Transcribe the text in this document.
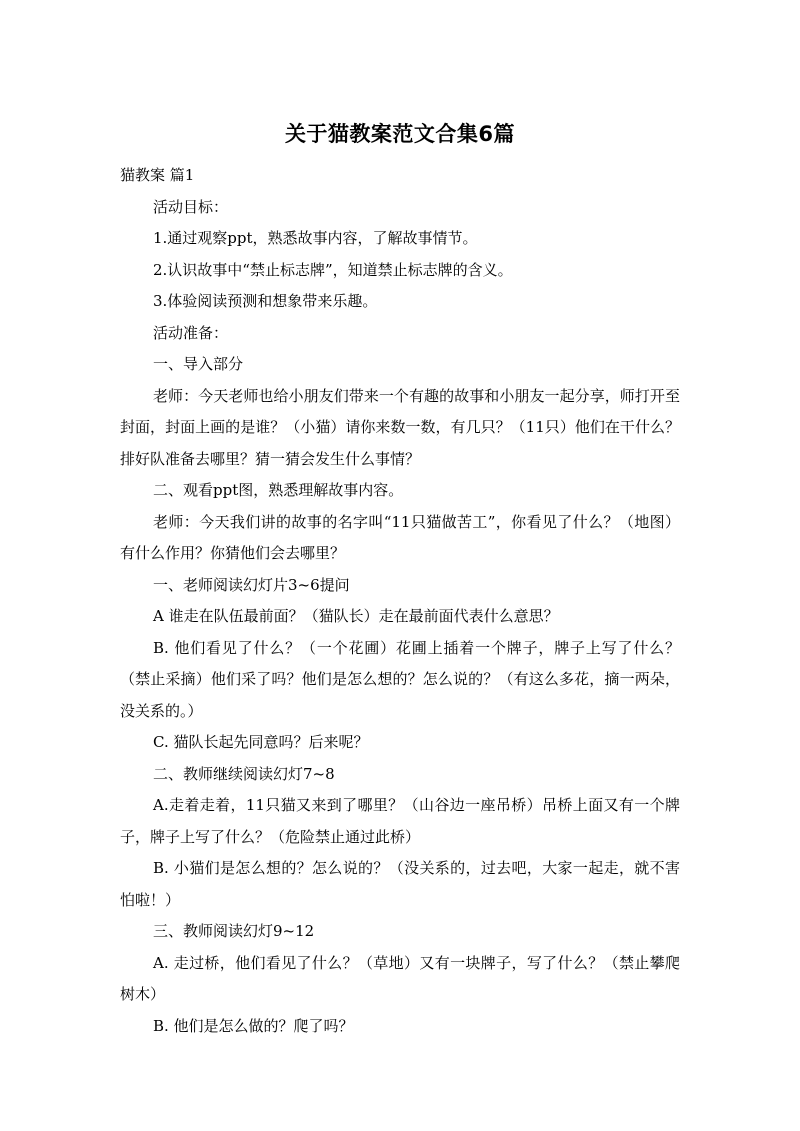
关于猫教案范文合集6篇

猫教案 篇1

活动目标：

1.通过观察ppt，熟悉故事内容，了解故事情节。

2.认识故事中“禁止标志牌”，知道禁止标志牌的含义。

3.体验阅读预测和想象带来乐趣。

活动准备：

一、导入部分

老师：今天老师也给小朋友们带来一个有趣的故事和小朋友一起分享，师打开至封面，封面上画的是谁？（小猫）请你来数一数，有几只？（11只）他们在干什么？排好队准备去哪里？猜一猜会发生什么事情？

二、观看ppt图，熟悉理解故事内容。

老师：今天我们讲的故事的名字叫“11只猫做苦工”，你看见了什么？（地图）有什么作用？你猜他们会去哪里？

一、老师阅读幻灯片3~6提问

A 谁走在队伍最前面？（猫队长）走在最前面代表什么意思？

B. 他们看见了什么？（一个花圃）花圃上插着一个牌子，牌子上写了什么？（禁止采摘）他们采了吗？他们是怎么想的？怎么说的？（有这么多花，摘一两朵，没关系的。）

C. 猫队长起先同意吗？后来呢？

二、教师继续阅读幻灯7~8

A.走着走着，11只猫又来到了哪里？（山谷边一座吊桥）吊桥上面又有一个牌子，牌子上写了什么？（危险禁止通过此桥）

B. 小猫们是怎么想的？怎么说的？（没关系的，过去吧，大家一起走，就不害怕啦！）

三、教师阅读幻灯9~12

A. 走过桥，他们看见了什么？（草地）又有一块牌子，写了什么？（禁止攀爬树木）

B. 他们是怎么做的？爬了吗？
